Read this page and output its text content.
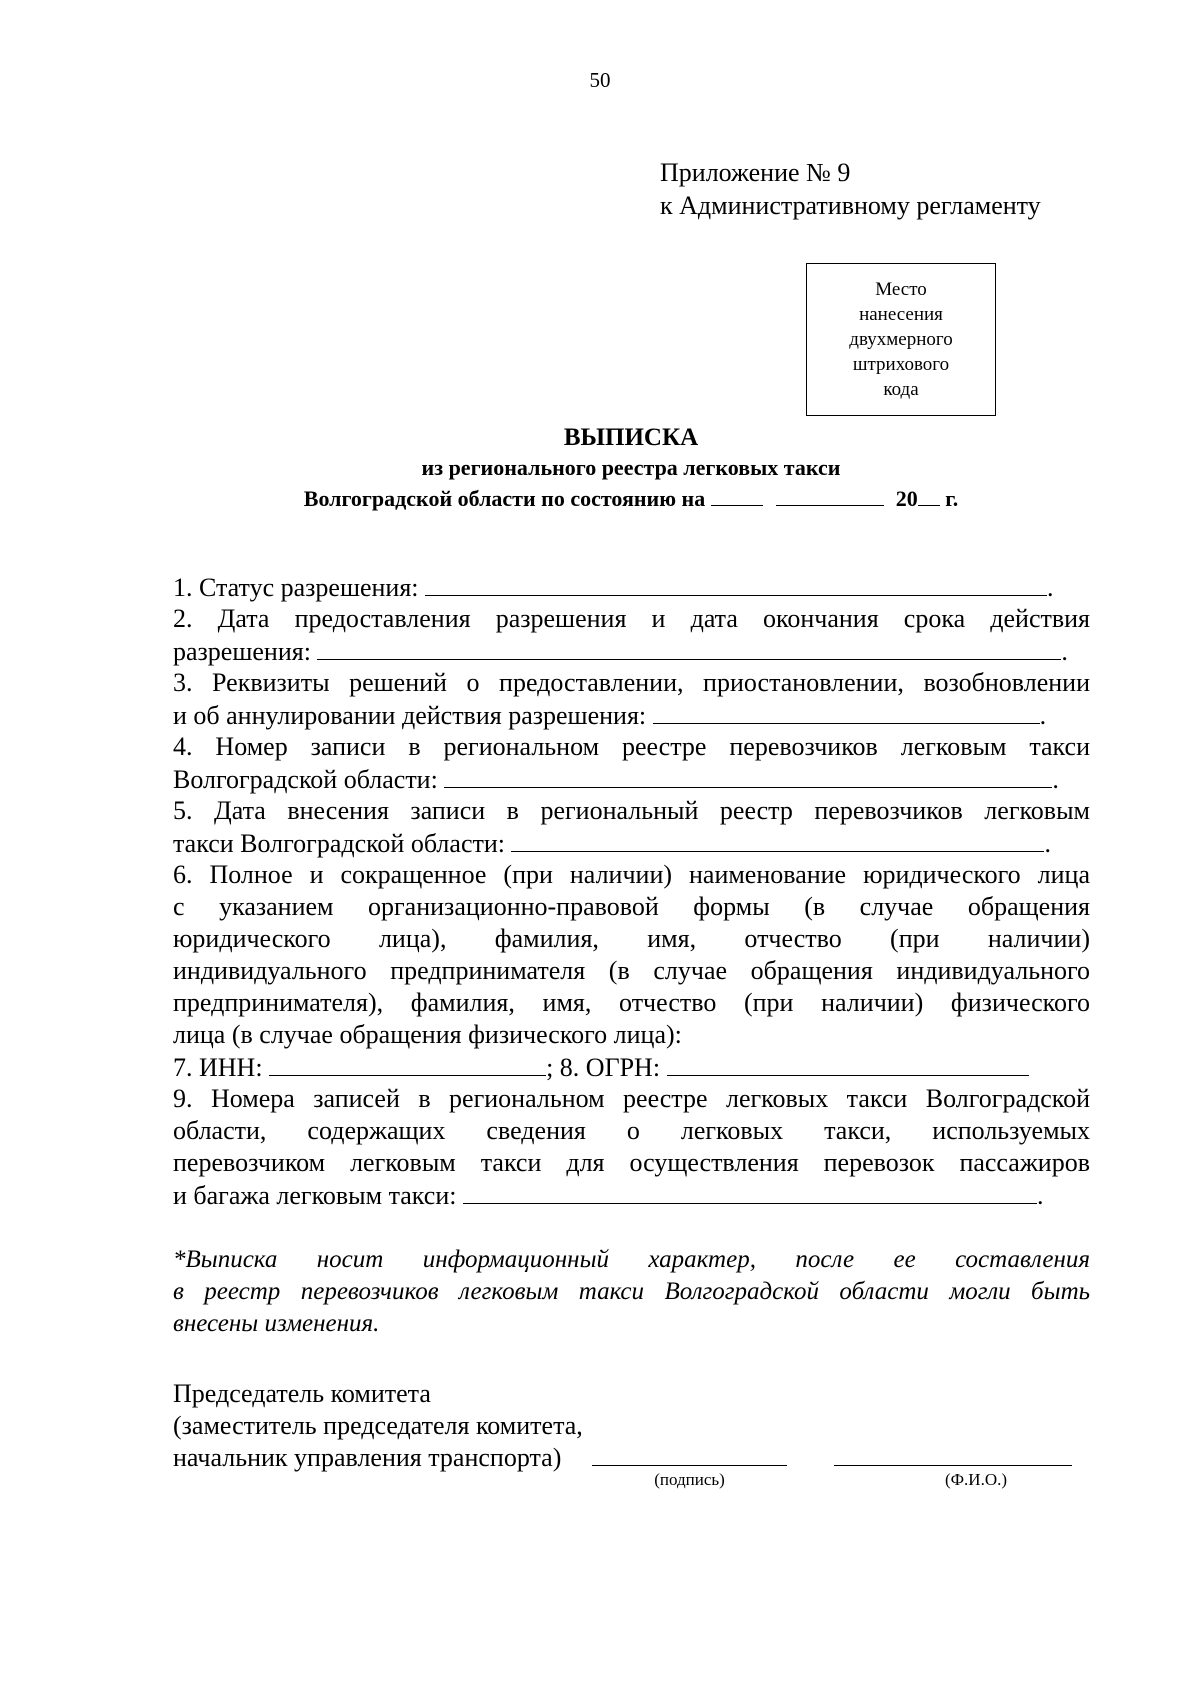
50
Приложение № 9
к Административному регламенту
Место
нанесения
двухмерного
штрихового
кода
ВЫПИСКА
из регионального реестра легковых такси
Волгоградской области по состоянию на	20 г.
1. Статус разрешения:	.
2. Дата предоставления разрешения и дата окончания срока действия
разрешения:	.
3. Реквизиты решений о предоставлении, приостановлении, возобновлении
и об аннулировании действия разрешения:	.
4. Номер записи в региональном реестре перевозчиков легковым такси
Волгоградской области:	.
5. Дата внесения записи в региональный реестр перевозчиков легковым
такси Волгоградской области:	.
6. Полное и сокращенное (при наличии) наименование юридического лица
с указанием организационно-правовой формы (в случае обращения
юридического лица), фамилия, имя, отчество (при наличии)
индивидуального предпринимателя (в случае обращения индивидуального
предпринимателя), фамилия, имя, отчество (при наличии) физического
лица (в случае обращения физического лица):
7. ИНН:	; 8. ОГРН:
9. Номера записей в региональном реестре легковых такси Волгоградской
области, содержащих сведения о легковых такси, используемых
перевозчиком легковым такси для осуществления перевозок пассажиров
и багажа легковым такси:	.
*Выписка носит информационный характер, после ее составления
в реестр перевозчиков легковым такси Волгоградской области могли быть
внесены изменения.
Председатель комитета
(заместитель председателя комитета,
начальник управления транспорта)
(подпись)	(Ф.И.О.)
